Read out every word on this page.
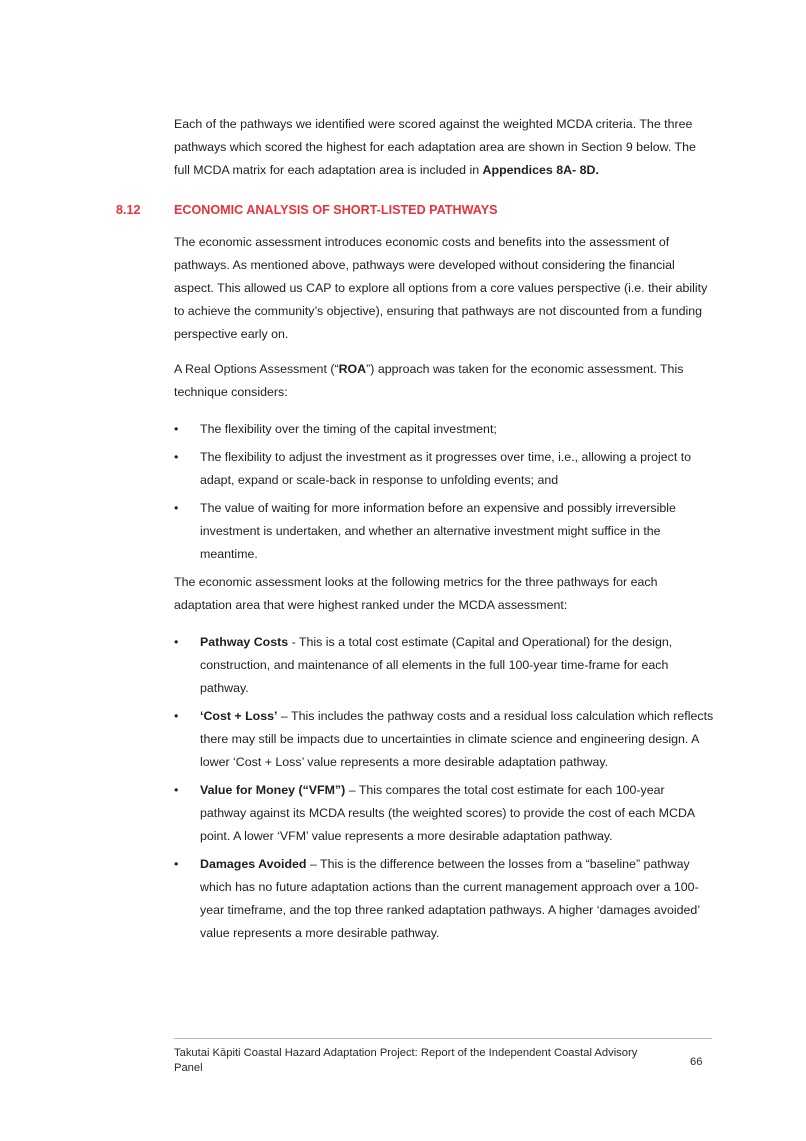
Each of the pathways we identified were scored against the weighted MCDA criteria. The three pathways which scored the highest for each adaptation area are shown in Section 9 below. The full MCDA matrix for each adaptation area is included in Appendices 8A- 8D.

8.12	ECONOMIC ANALYSIS OF SHORT-LISTED PATHWAYS

The economic assessment introduces economic costs and benefits into the assessment of pathways. As mentioned above, pathways were developed without considering the financial aspect. This allowed us CAP to explore all options from a core values perspective (i.e. their ability to achieve the community’s objective), ensuring that pathways are not discounted from a funding perspective early on.

A Real Options Assessment (“ROA”) approach was taken for the economic assessment. This technique considers:

•	The flexibility over the timing of the capital investment;
•	The flexibility to adjust the investment as it progresses over time, i.e., allowing a project to adapt, expand or scale-back in response to unfolding events; and
•	The value of waiting for more information before an expensive and possibly irreversible investment is undertaken, and whether an alternative investment might suffice in the meantime.

The economic assessment looks at the following metrics for the three pathways for each adaptation area that were highest ranked under the MCDA assessment:

•	Pathway Costs - This is a total cost estimate (Capital and Operational) for the design, construction, and maintenance of all elements in the full 100-year time-frame for each pathway.
•	‘Cost + Loss’ – This includes the pathway costs and a residual loss calculation which reflects there may still be impacts due to uncertainties in climate science and engineering design. A lower ‘Cost + Loss’ value represents a more desirable adaptation pathway.
•	Value for Money (“VFM”) – This compares the total cost estimate for each 100-year pathway against its MCDA results (the weighted scores) to provide the cost of each MCDA point. A lower ‘VFM’ value represents a more desirable adaptation pathway.
•	Damages Avoided – This is the difference between the losses from a “baseline” pathway which has no future adaptation actions than the current management approach over a 100-year timeframe, and the top three ranked adaptation pathways. A higher ‘damages avoided’ value represents a more desirable pathway.
Takutai Kāpiti Coastal Hazard Adaptation Project: Report of the Independent Coastal Advisory Panel	66
